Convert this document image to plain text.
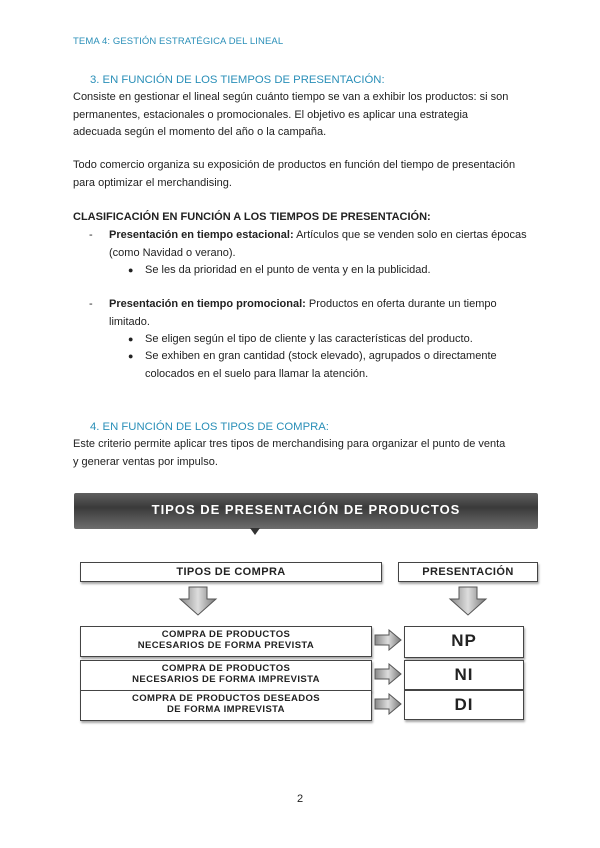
TEMA 4: GESTIÓN ESTRATÉGICA DEL LINEAL
3. EN FUNCIÓN DE LOS TIEMPOS DE PRESENTACIÓN:
Consiste en gestionar el lineal según cuánto tiempo se van a exhibir los productos: si son
permanentes, estacionales o promocionales. El objetivo es aplicar una estrategia
adecuada según el momento del año o la campaña.
Todo comercio organiza su exposición de productos en función del tiempo de presentación
para optimizar el merchandising.
CLASIFICACIÓN EN FUNCIÓN A LOS TIEMPOS DE PRESENTACIÓN:
- Presentación en tiempo estacional: Artículos que se venden solo en ciertas épocas
(como Navidad o verano).
● Se les da prioridad en el punto de venta y en la publicidad.
- Presentación en tiempo promocional: Productos en oferta durante un tiempo
limitado.
● Se eligen según el tipo de cliente y las características del producto.
● Se exhiben en gran cantidad (stock elevado), agrupados o directamente
colocados en el suelo para llamar la atención.
4. EN FUNCIÓN DE LOS TIPOS DE COMPRA:
Este criterio permite aplicar tres tipos de merchandising para organizar el punto de venta
y generar ventas por impulso.
TIPOS DE PRESENTACIÓN DE PRODUCTOS
TIPOS DE COMPRA	PRESENTACIÓN
COMPRA DE PRODUCTOS
NECESARIOS DE FORMA PREVISTA
COMPRA DE PRODUCTOS
NECESARIOS DE FORMA IMPREVISTA
COMPRA DE PRODUCTOS DESEADOS
DE FORMA IMPREVISTA
NP
NI
DI
2
